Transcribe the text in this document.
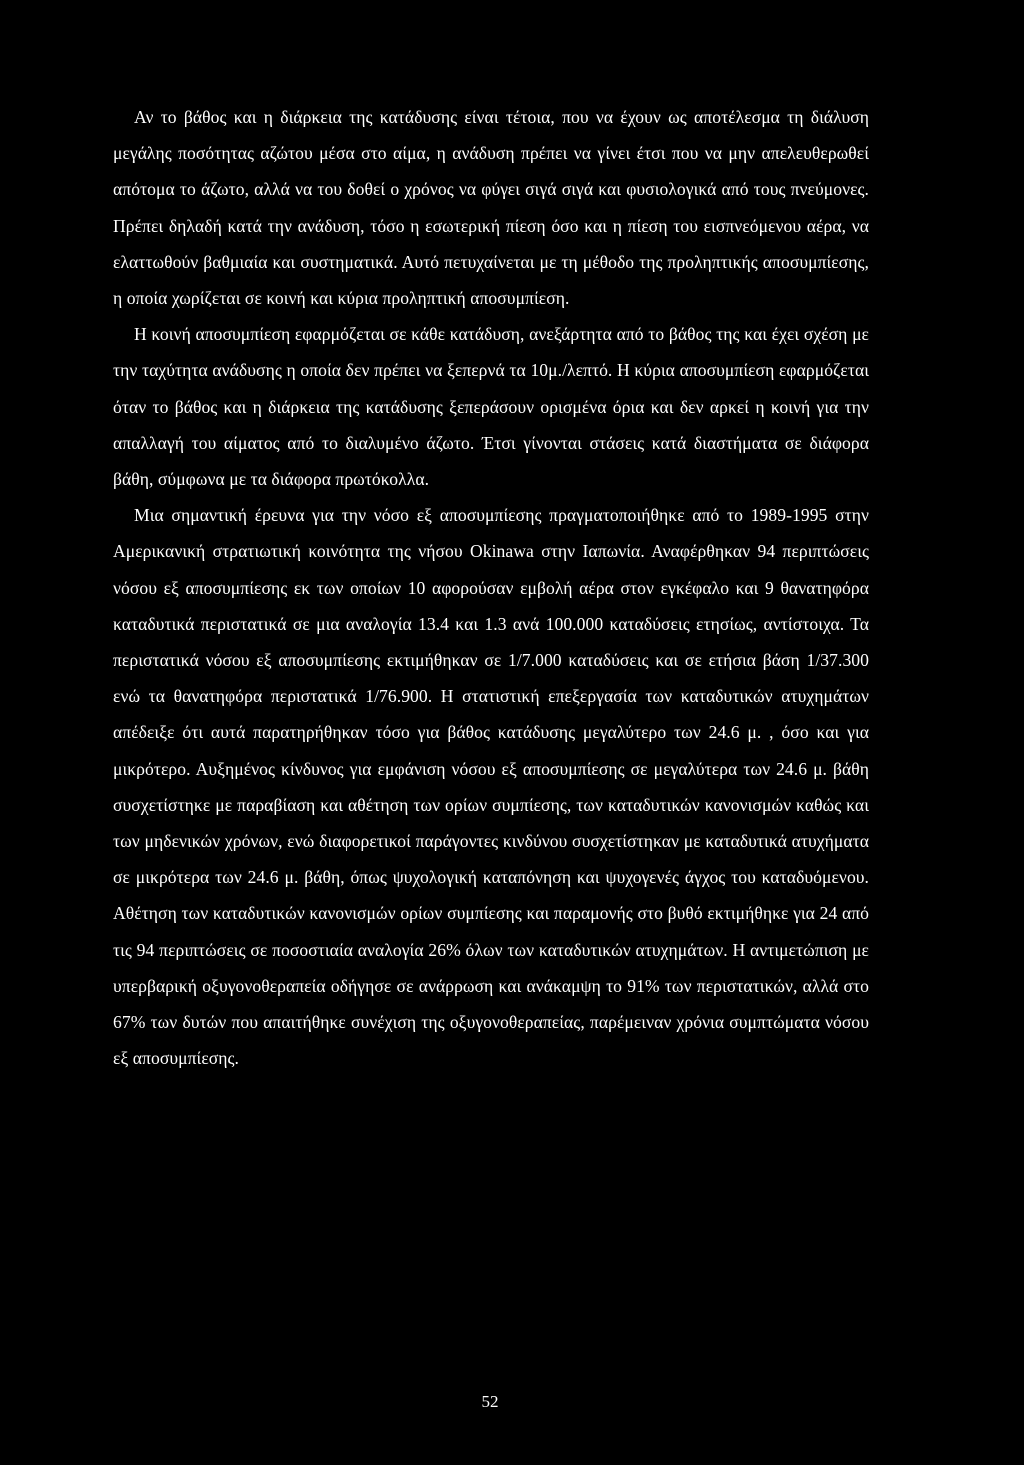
Αν το βάθος και η διάρκεια της κατάδυσης είναι τέτοια, που να έχουν ως αποτέλεσμα τη διάλυση μεγάλης ποσότητας αζώτου μέσα στο αίμα, η ανάδυση πρέπει να γίνει έτσι που να μην απελευθερωθεί απότομα το άζωτο, αλλά να του δοθεί ο χρόνος να φύγει σιγά σιγά και φυσιολογικά από τους πνεύμονες. Πρέπει δηλαδή κατά την ανάδυση, τόσο η εσωτερική πίεση όσο και η πίεση του εισπνεόμενου αέρα, να ελαττωθούν βαθμιαία και συστηματικά. Αυτό πετυχαίνεται με τη μέθοδο της προληπτικής αποσυμπίεσης, η οποία χωρίζεται σε κοινή και κύρια προληπτική αποσυμπίεση.

Η κοινή αποσυμπίεση εφαρμόζεται σε κάθε κατάδυση, ανεξάρτητα από το βάθος της και έχει σχέση με την ταχύτητα ανάδυσης η οποία δεν πρέπει να ξεπερνά τα 10μ./λεπτό. Η κύρια αποσυμπίεση εφαρμόζεται όταν το βάθος και η διάρκεια της κατάδυσης ξεπεράσουν ορισμένα όρια και δεν αρκεί η κοινή για την απαλλαγή του αίματος από το διαλυμένο άζωτο. Έτσι γίνονται στάσεις κατά διαστήματα σε διάφορα βάθη, σύμφωνα με τα διάφορα πρωτόκολλα.

Μια σημαντική έρευνα για την νόσο εξ αποσυμπίεσης πραγματοποιήθηκε από το 1989-1995 στην Αμερικανική στρατιωτική κοινότητα της νήσου Okinawa στην Ιαπωνία. Αναφέρθηκαν 94 περιπτώσεις νόσου εξ αποσυμπίεσης εκ των οποίων 10 αφορούσαν εμβολή αέρα στον εγκέφαλο και 9 θανατηφόρα καταδυτικά περιστατικά σε μια αναλογία 13.4 και 1.3 ανά 100.000 καταδύσεις ετησίως, αντίστοιχα. Τα περιστατικά νόσου εξ αποσυμπίεσης εκτιμήθηκαν σε 1/7.000 καταδύσεις και σε ετήσια βάση 1/37.300 ενώ τα θανατηφόρα περιστατικά 1/76.900. Η στατιστική επεξεργασία των καταδυτικών ατυχημάτων απέδειξε ότι αυτά παρατηρήθηκαν τόσο για βάθος κατάδυσης μεγαλύτερο των 24.6 μ. , όσο και για μικρότερο. Αυξημένος κίνδυνος για εμφάνιση νόσου εξ αποσυμπίεσης σε μεγαλύτερα των 24.6 μ. βάθη συσχετίστηκε με παραβίαση και αθέτηση των ορίων συμπίεσης, των καταδυτικών κανονισμών καθώς και των μηδενικών χρόνων, ενώ διαφορετικοί παράγοντες κινδύνου συσχετίστηκαν με καταδυτικά ατυχήματα σε μικρότερα των 24.6 μ. βάθη, όπως ψυχολογική καταπόνηση και ψυχογενές άγχος του καταδυόμενου. Αθέτηση των καταδυτικών κανονισμών ορίων συμπίεσης και παραμονής στο βυθό εκτιμήθηκε για 24 από τις 94 περιπτώσεις σε ποσοστιαία αναλογία 26% όλων των καταδυτικών ατυχημάτων. Η αντιμετώπιση με υπερβαρική οξυγονοθεραπεία οδήγησε σε ανάρρωση και ανάκαμψη το 91% των περιστατικών, αλλά στο 67% των δυτών που απαιτήθηκε συνέχιση της οξυγονοθεραπείας, παρέμειναν χρόνια συμπτώματα νόσου εξ αποσυμπίεσης.

52
